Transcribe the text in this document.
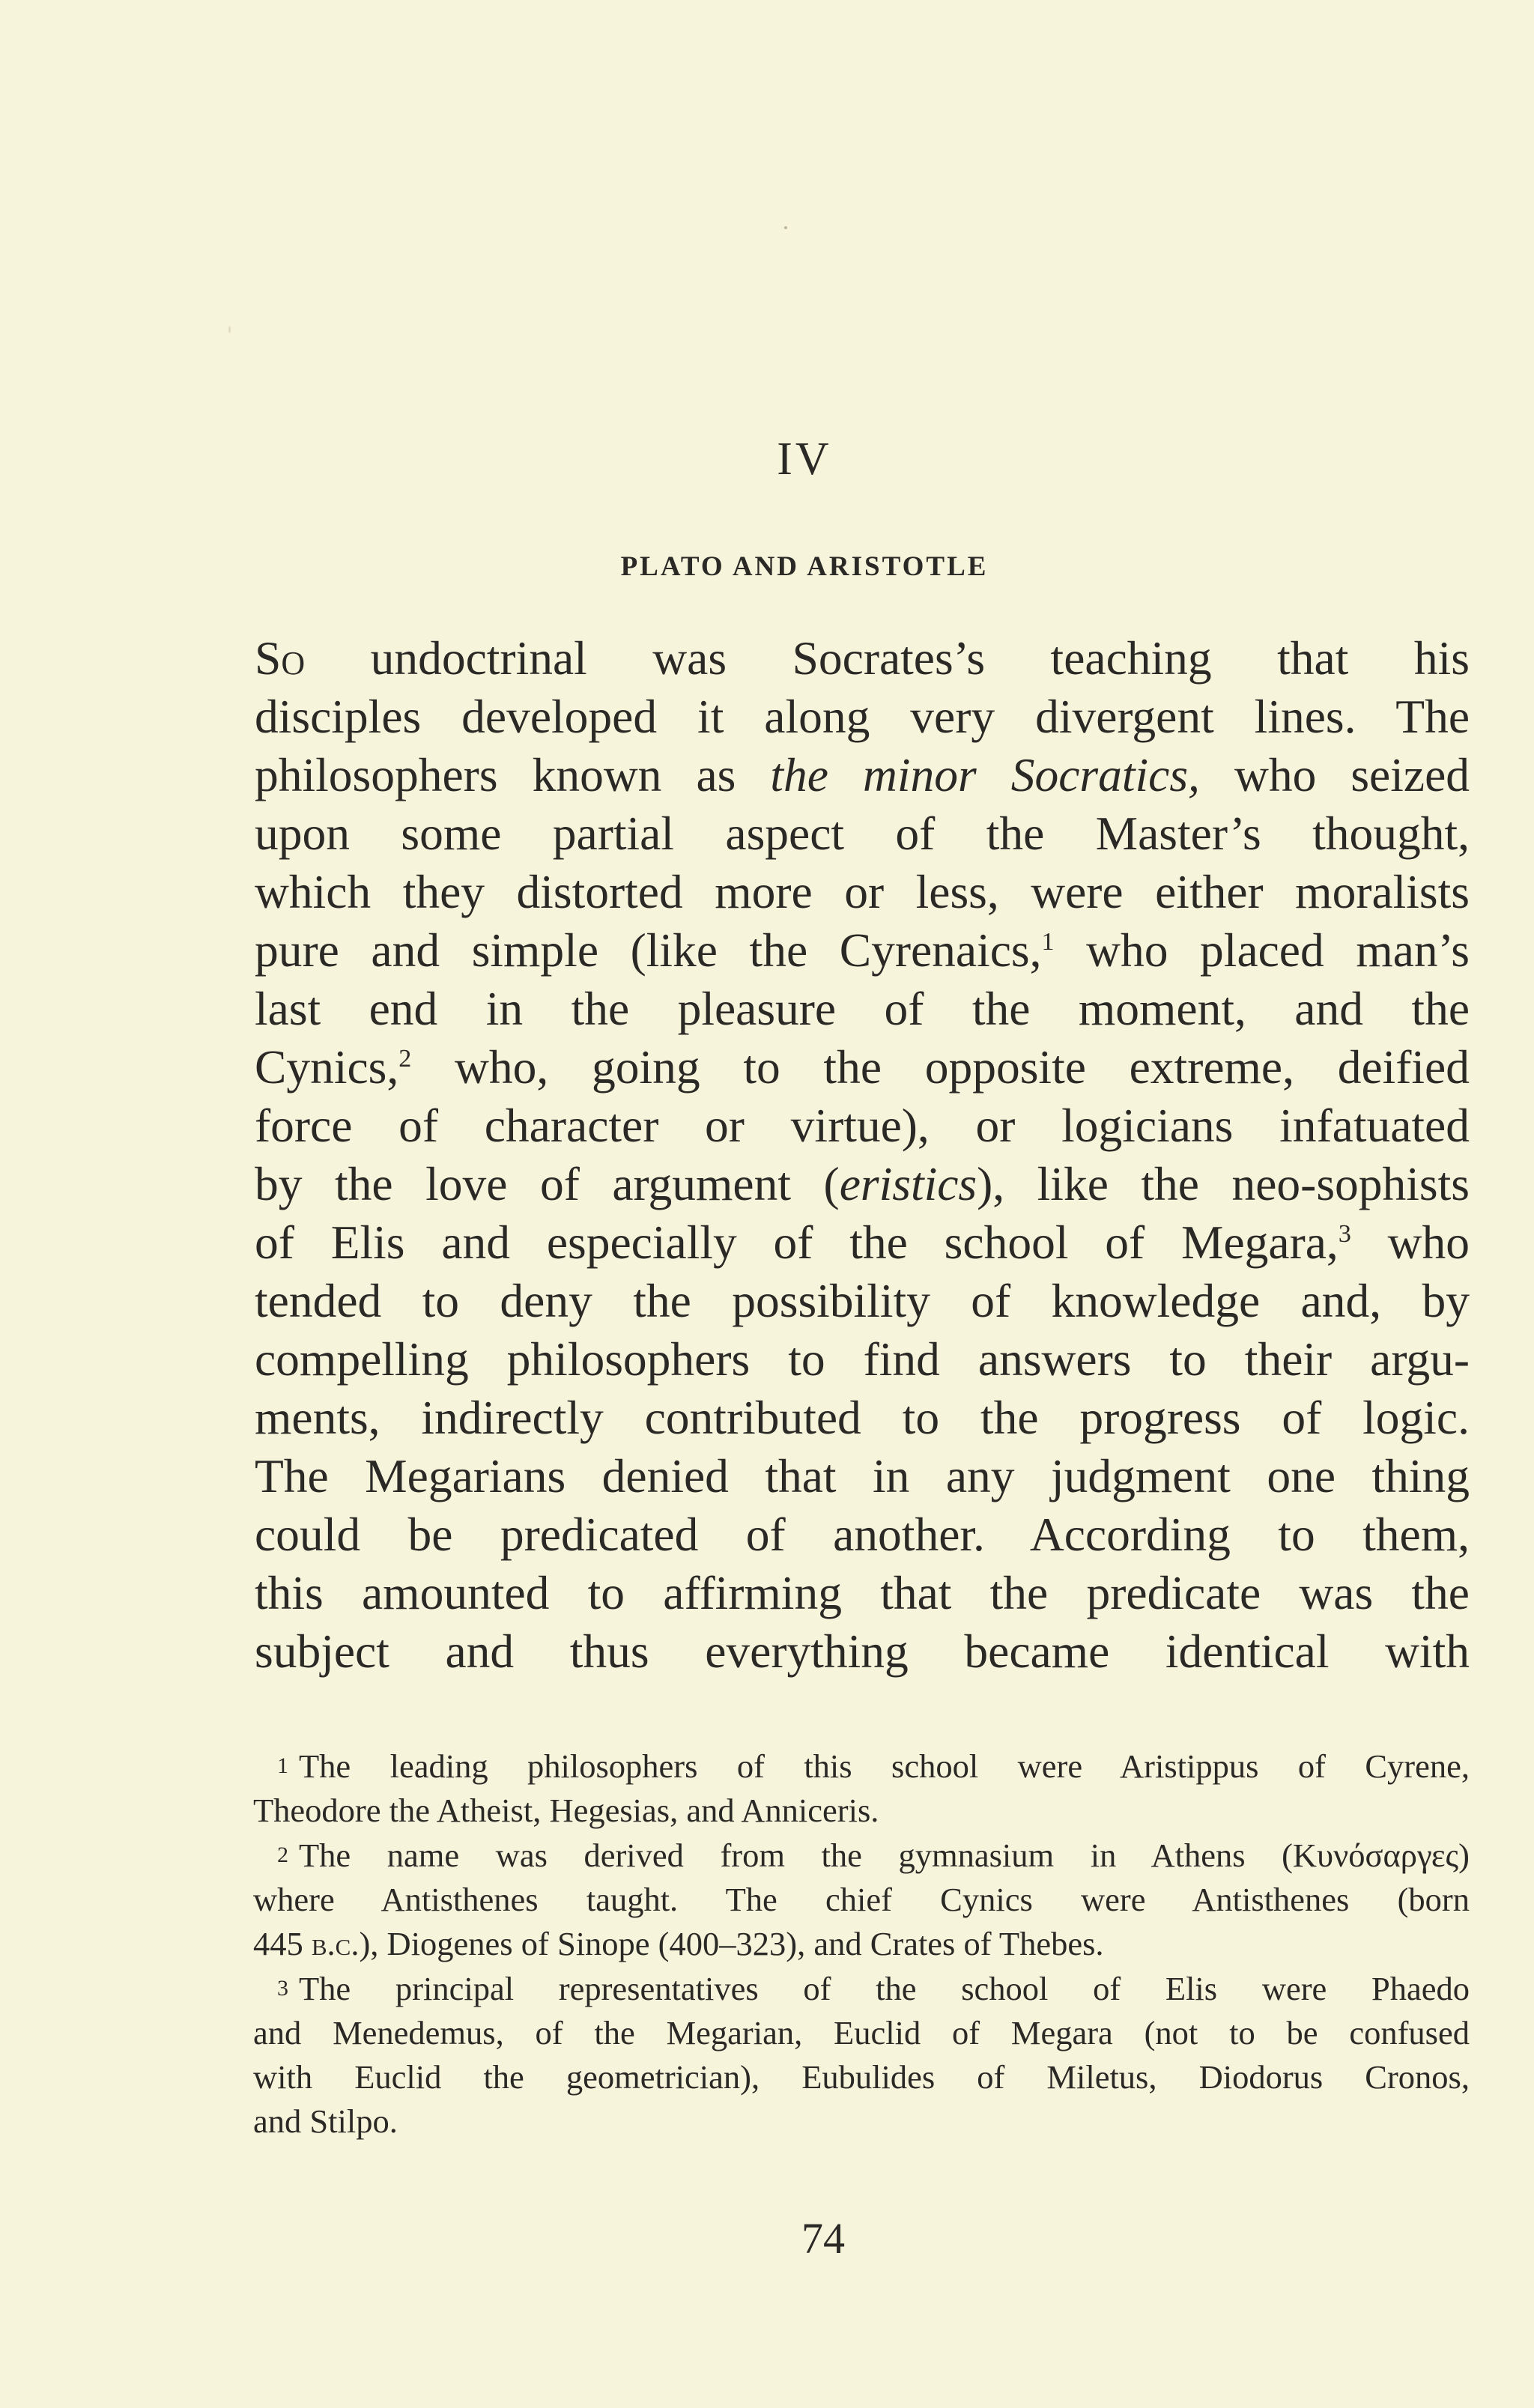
IV
PLATO AND ARISTOTLE
So undoctrinal was Socrates’s teaching that his
disciples developed it along very divergent lines. The
philosophers known as the minor Socratics, who seized
upon some partial aspect of the Master’s thought,
which they distorted more or less, were either moralists
pure and simple (like the Cyrenaics,$^1$ who placed man’s
last end in the pleasure of the moment, and the
Cynics,$^2$ who, going to the opposite extreme, deified
force of character or virtue), or logicians infatuated
by the love of argument (eristics), like the neo-sophists
of Elis and especially of the school of Megara,$^3$ who
tended to deny the possibility of knowledge and, by
compelling philosophers to find answers to their argu-
ments, indirectly contributed to the progress of logic.
The Megarians denied that in any judgment one thing
could be predicated of another. According to them,
this amounted to affirming that the predicate was the
subject and thus everything became identical with
1 The leading philosophers of this school were Aristippus of Cyrene,
Theodore the Atheist, Hegesias, and Anniceris.
2 The name was derived from the gymnasium in Athens (Κυνόσαργες)
where Antisthenes taught. The chief Cynics were Antisthenes (born
445 b.c.), Diogenes of Sinope (400–323), and Crates of Thebes.
3 The principal representatives of the school of Elis were Phaedo
and Menedemus, of the Megarian, Euclid of Megara (not to be confused
with Euclid the geometrician), Eubulides of Miletus, Diodorus Cronos,
and Stilpo.
74
